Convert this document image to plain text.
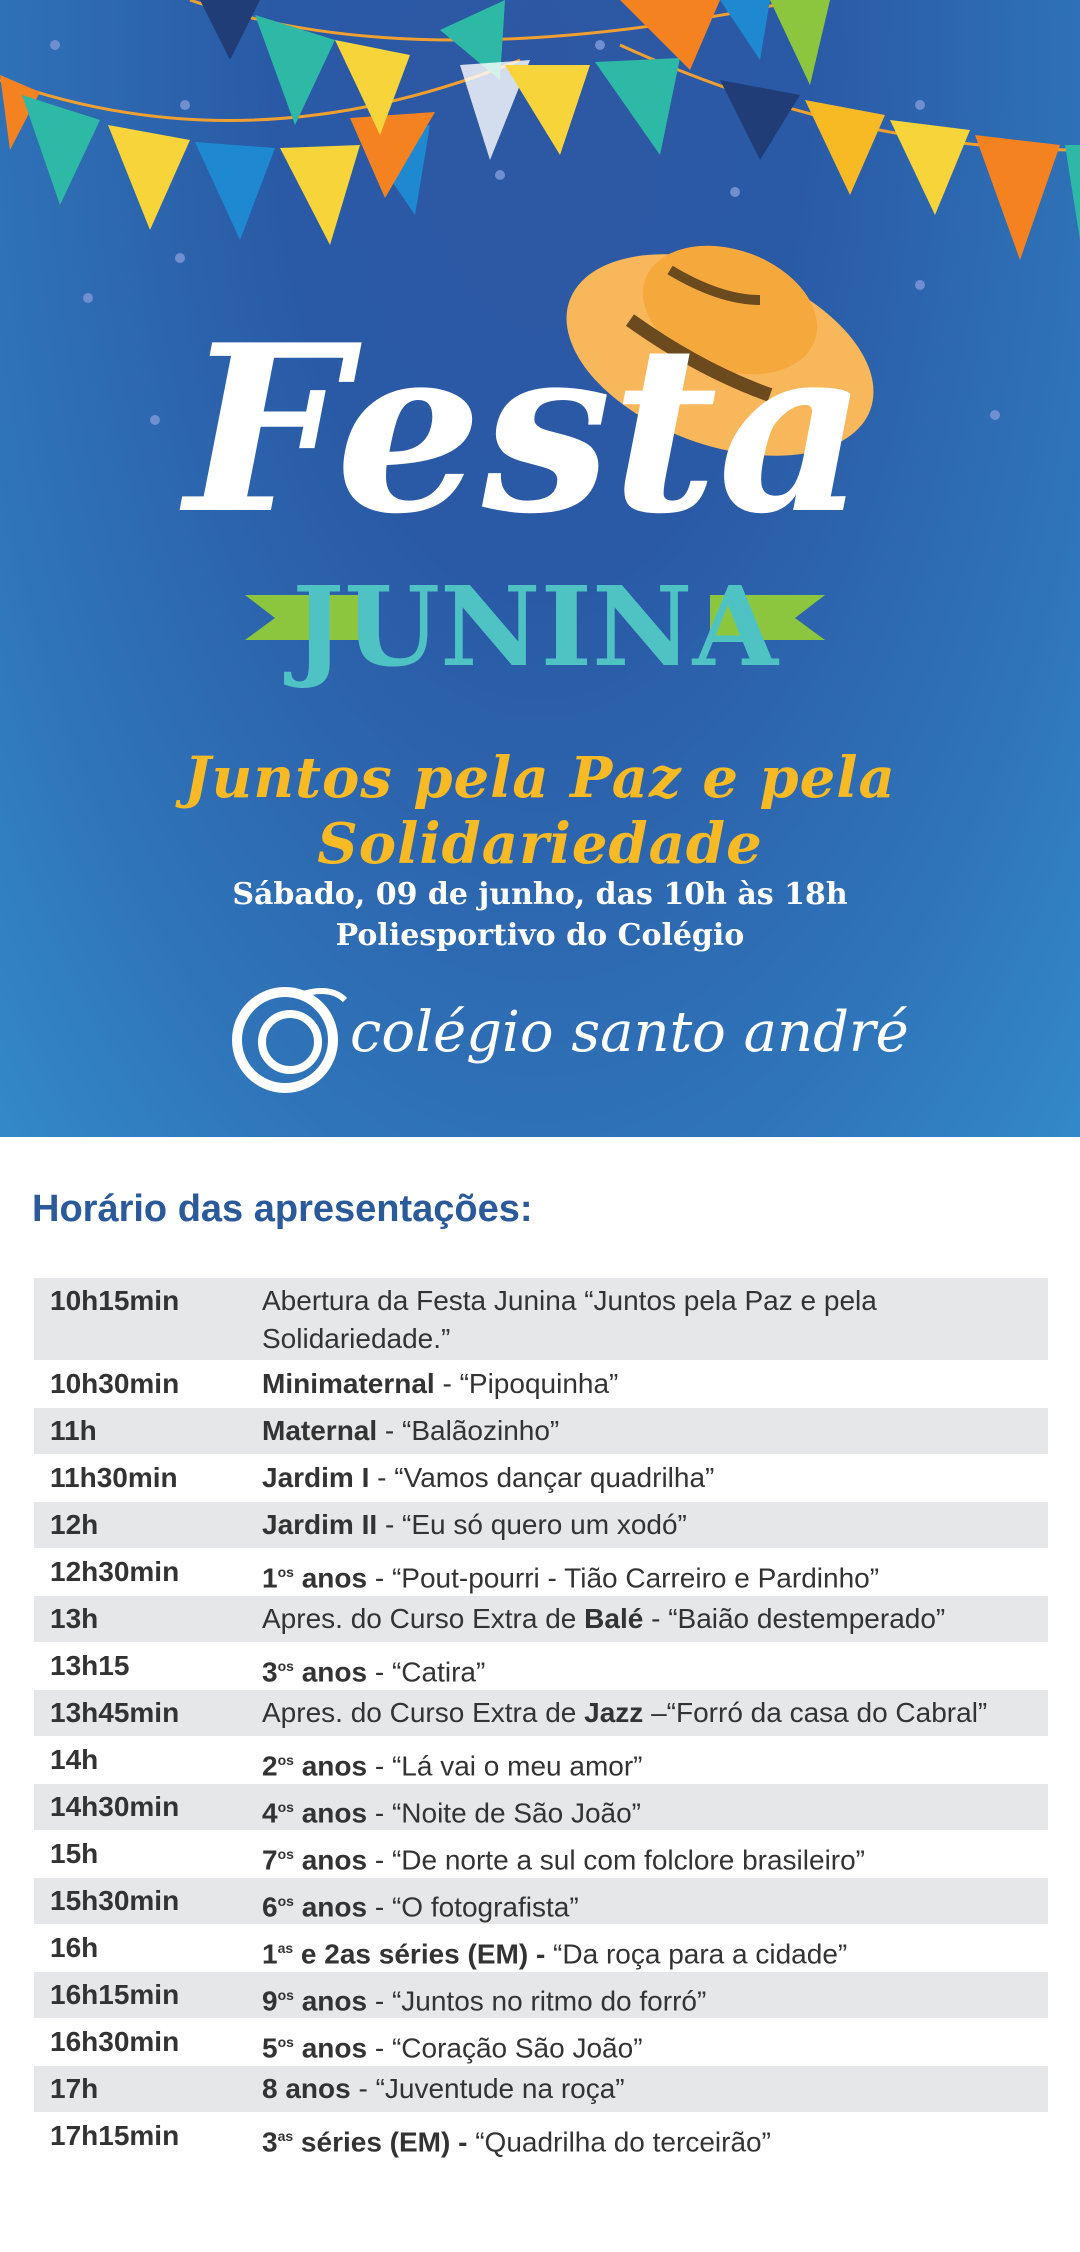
Festa
JUNINA
Juntos pela Paz e pela Solidariedade
Sábado, 09 de junho, das 10h às 18h
Poliesportivo do Colégio
colégio santo andré
Horário das apresentações:
10h15min	Abertura da Festa Junina “Juntos pela Paz e pela Solidariedade.”
10h30min	Minimaternal - “Pipoquinha”
11h	Maternal - “Balãozinho”
11h30min	Jardim I - “Vamos dançar quadrilha”
12h	Jardim II - “Eu só quero um xodó”
12h30min	$1^{os}$ anos - “Pout-pourri - Tião Carreiro e Pardinho”
13h	Apres. do Curso Extra de Balé - “Baião destemperado”
13h15	$3^{os}$ anos - “Catira”
13h45min	Apres. do Curso Extra de Jazz –“Forró da casa do Cabral”
14h	$2^{os}$ anos - “Lá vai o meu amor”
14h30min	$4^{os}$ anos - “Noite de São João”
15h	$7^{os}$ anos - “De norte a sul com folclore brasileiro”
15h30min	$6^{os}$ anos - “O fotografista”
16h	$1^{as}$ e 2as séries (EM) - “Da roça para a cidade”
16h15min	$9^{os}$ anos - “Juntos no ritmo do forró”
16h30min	$5^{os}$ anos - “Coração São João”
17h	8 anos - “Juventude na roça”
17h15min	$3^{as}$ séries (EM) - “Quadrilha do terceirão”
